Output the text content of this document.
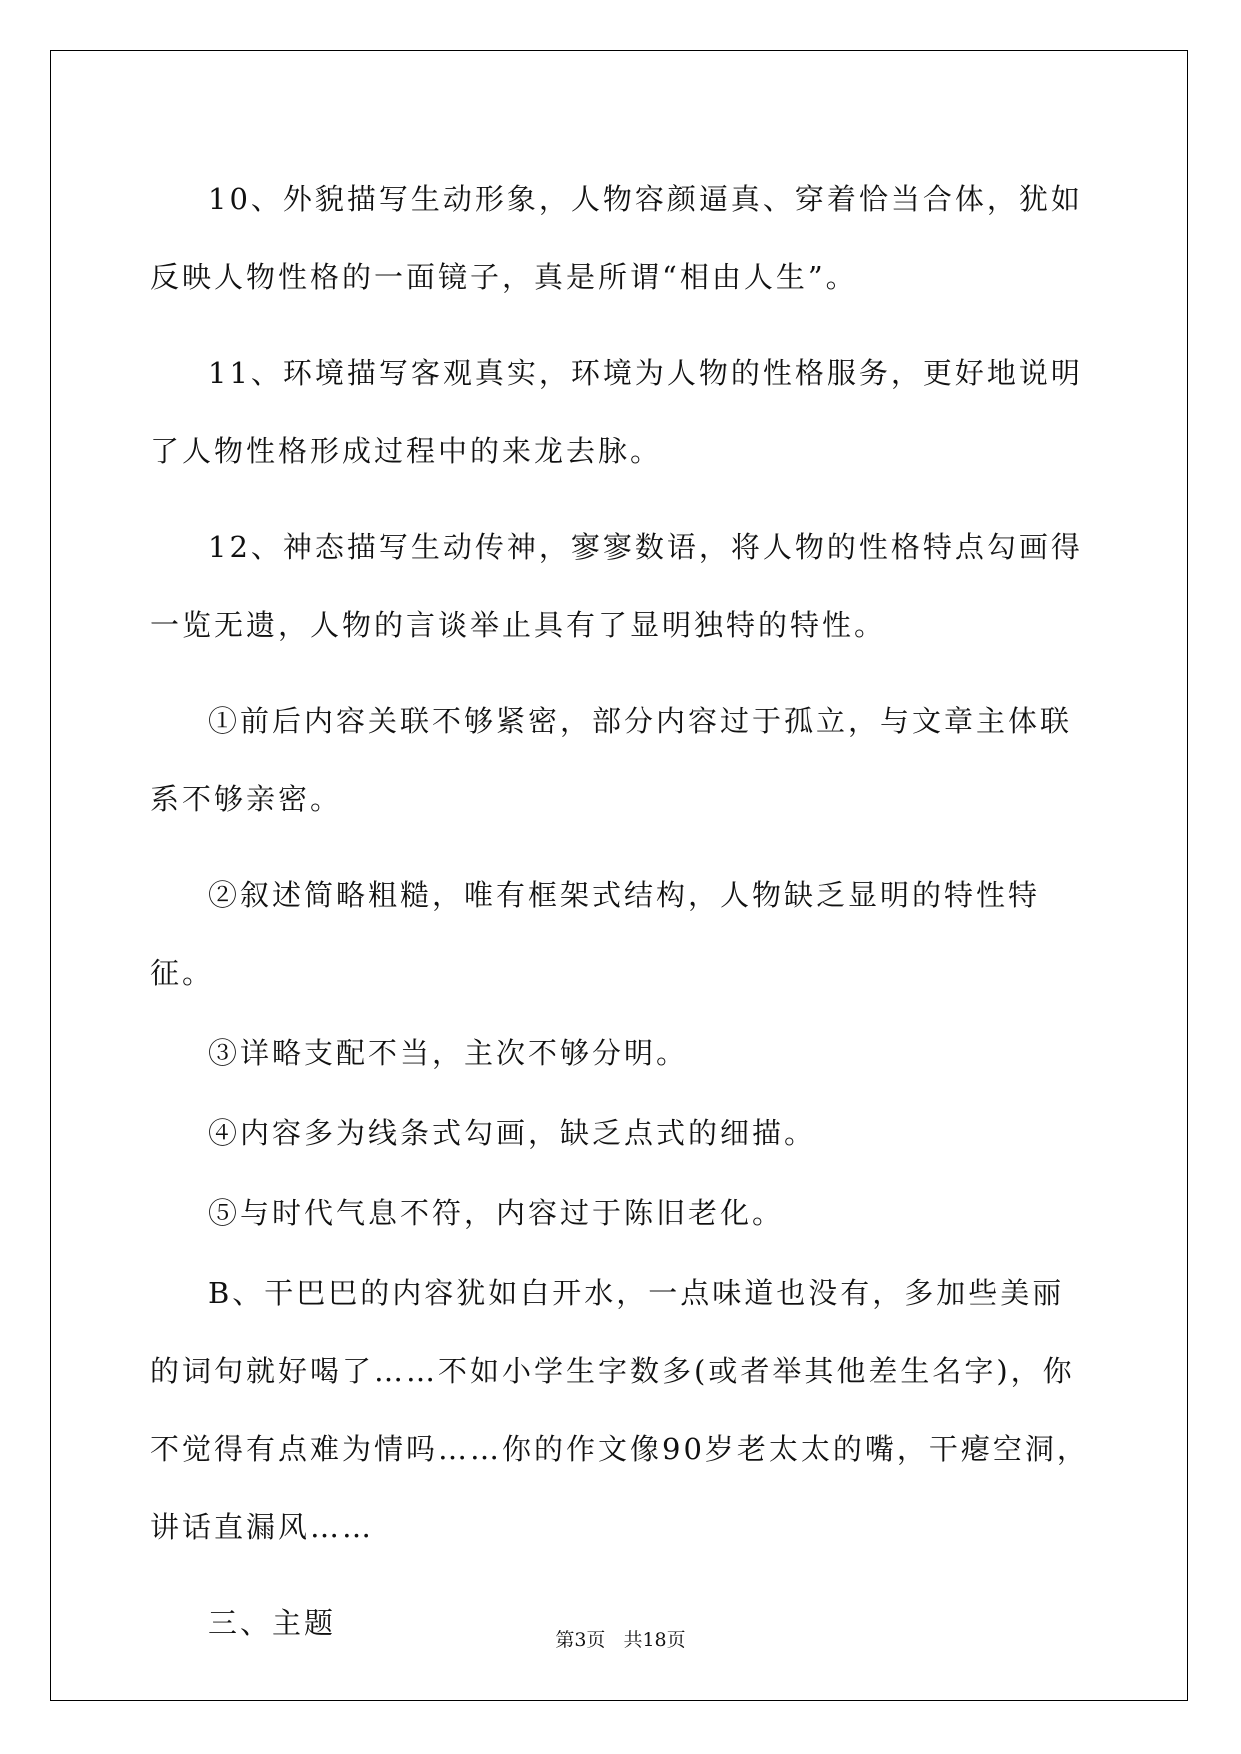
10、外貌描写生动形象，人物容颜逼真、穿着恰当合体，犹如反映人物性格的一面镜子，真是所谓“相由人生”。

11、环境描写客观真实，环境为人物的性格服务，更好地说明了人物性格形成过程中的来龙去脉。

12、神态描写生动传神，寥寥数语，将人物的性格特点勾画得一览无遗，人物的言谈举止具有了显明独特的特性。

①前后内容关联不够紧密，部分内容过于孤立，与文章主体联系不够亲密。

②叙述简略粗糙，唯有框架式结构，人物缺乏显明的特性特征。

③详略支配不当，主次不够分明。

④内容多为线条式勾画，缺乏点式的细描。

⑤与时代气息不符，内容过于陈旧老化。

B、干巴巴的内容犹如白开水，一点味道也没有，多加些美丽的词句就好喝了……不如小学生字数多(或者举其他差生名字)，你不觉得有点难为情吗……你的作文像90岁老太太的嘴，干瘪空洞，讲话直漏风……

三、主题	第3页 共18页
